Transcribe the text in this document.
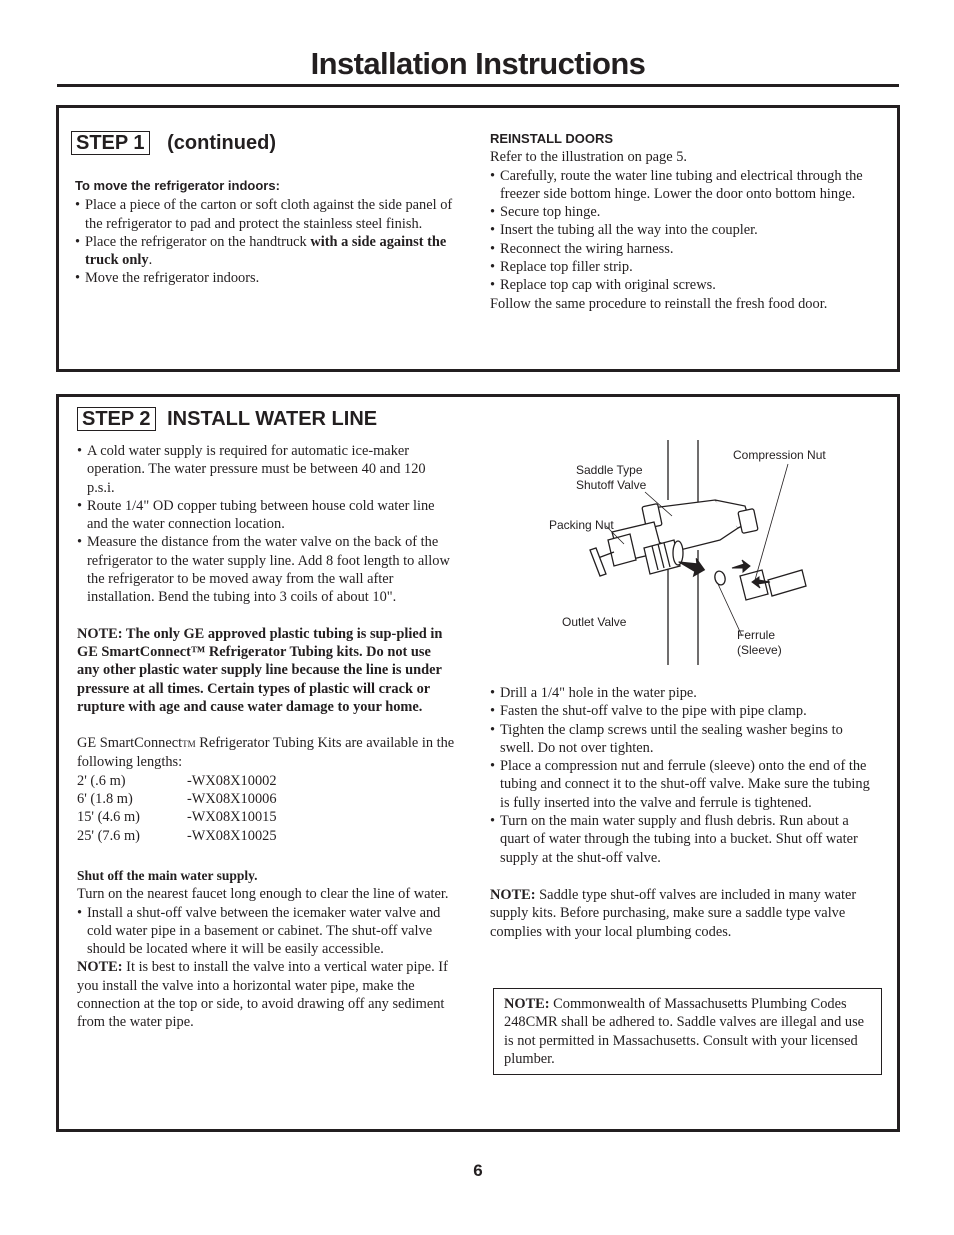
Installation Instructions
STEP 1 (continued)
To move the refrigerator indoors:
• Place a piece of the carton or soft cloth against the side panel of the refrigerator to pad and protect the stainless steel finish.
• Place the refrigerator on the handtruck with a side against the truck only.
• Move the refrigerator indoors.
REINSTALL DOORS

Refer to the illustration on page 5.

• Carefully, route the water line tubing and electrical through the freezer side bottom hinge. Lower the door onto bottom hinge.
• Secure top hinge.
• Insert the tubing all the way into the coupler.
• Reconnect the wiring harness.
• Replace top filler strip.
• Replace top cap with original screws.

Follow the same procedure to reinstall the fresh food door.

STEP 2 INSTALL WATER LINE
• A cold water supply is required for automatic ice-maker operation. The water pressure must be between 40 and 120 p.s.i.
• Route 1/4" OD copper tubing between house cold water line and the water connection location.
• Measure the distance from the water valve on the back of the refrigerator to the water supply line. Add 8 foot length to allow the refrigerator to be moved away from the wall after installation. Bend the tubing into 3 coils of about 10".

NOTE: The only GE approved plastic tubing is sup-plied in GE SmartConnect™ Refrigerator Tubing kits. Do not use any other plastic water supply line because the line is under pressure at all times. Certain types of plastic will crack or rupture with age and cause water damage to your home.

GE SmartConnectTM Refrigerator Tubing Kits are available in the following lengths:

2' (.6 m)	-WX08X10002
6' (1.8 m)	-WX08X10006
15' (4.6 m)	-WX08X10015
25' (7.6 m)	-WX08X10025

Shut off the main water supply.

Turn on the nearest faucet long enough to clear the line of water.

• Install a shut-off valve between the icemaker water valve and cold water pipe in a basement or cabinet. The shut-off valve should be located where it will be easily accessible.

NOTE: It is best to install the valve into a vertical water pipe. If you install the valve into a horizontal water pipe, make the connection at the top or side, to avoid drawing off any sediment from the water pipe.

Compression Nut
Saddle Type
Shutoff Valve
Packing Nut
Outlet Valve
Ferrule
(Sleeve)
• Drill a 1/4" hole in the water pipe.
• Fasten the shut-off valve to the pipe with pipe clamp.
• Tighten the clamp screws until the sealing washer begins to swell. Do not over tighten.
• Place a compression nut and ferrule (sleeve) onto the end of the tubing and connect it to the shut-off valve. Make sure the tubing is fully inserted into the valve and ferrule is tightened.
• Turn on the main water supply and flush debris. Run about a quart of water through the tubing into a bucket. Shut off water supply at the shut-off valve.

NOTE: Saddle type shut-off valves are included in many water supply kits. Before purchasing, make sure a saddle type valve complies with your local plumbing codes.

NOTE: Commonwealth of Massachusetts Plumbing Codes 248CMR shall be adhered to. Saddle valves are illegal and use is not permitted in Massachusetts. Consult with your licensed plumber.

6
